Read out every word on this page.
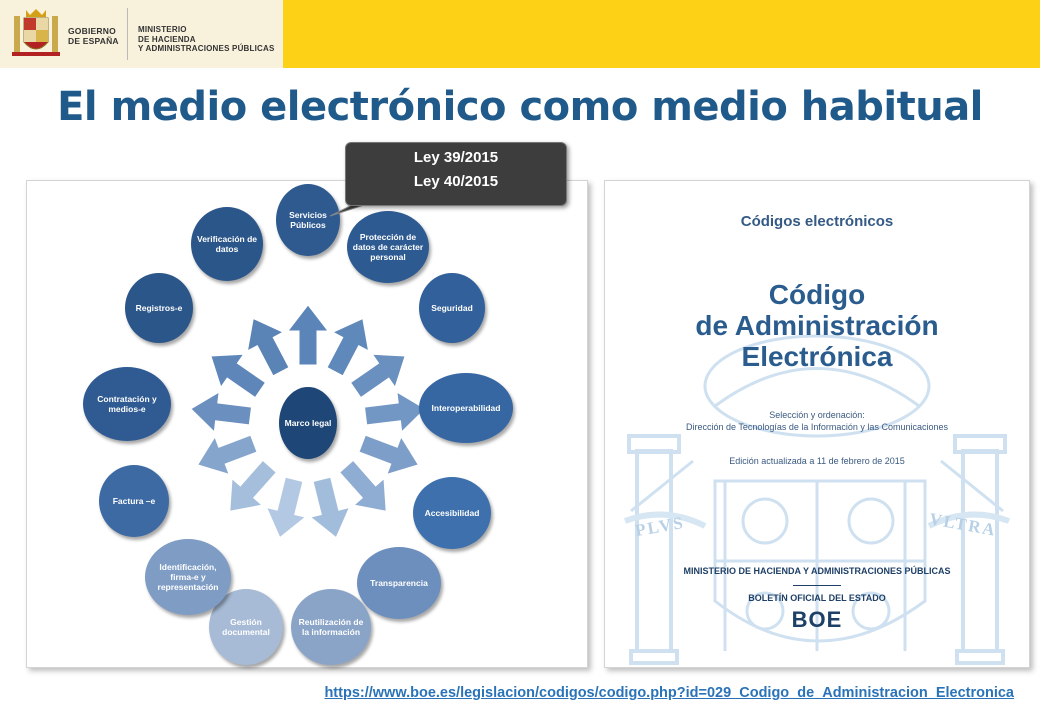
GOBIERNO
DE ESPAÑA
MINISTERIO
DE HACIENDA
Y ADMINISTRACIONES PÚBLICAS
El medio electrónico como medio habitual
Servicios Públicos
Protección de datos de carácter personal
Seguridad
Interoperabilidad
Accesibilidad
Transparencia
Reutilización de la información
Gestión documental
Identificación, firma-e y representación
Factura –e
Contratación y medios-e
Registros-e
Verificación de datos
Marco legal
Ley 39/2015
Ley 40/2015
Códigos electrónicos
Código
de Administración
Electrónica
Selección y ordenación:
Dirección de Tecnologías de la Información y las Comunicaciones
Edición actualizada a 11 de febrero de 2015
PLVS	VLTRA
MINISTERIO DE HACIENDA Y ADMINISTRACIONES PÚBLICAS
BOLETÍN OFICIAL DEL ESTADO
BOE
https://www.boe.es/legislacion/codigos/codigo.php?id=029_Codigo_de_Administracion_Electronica
